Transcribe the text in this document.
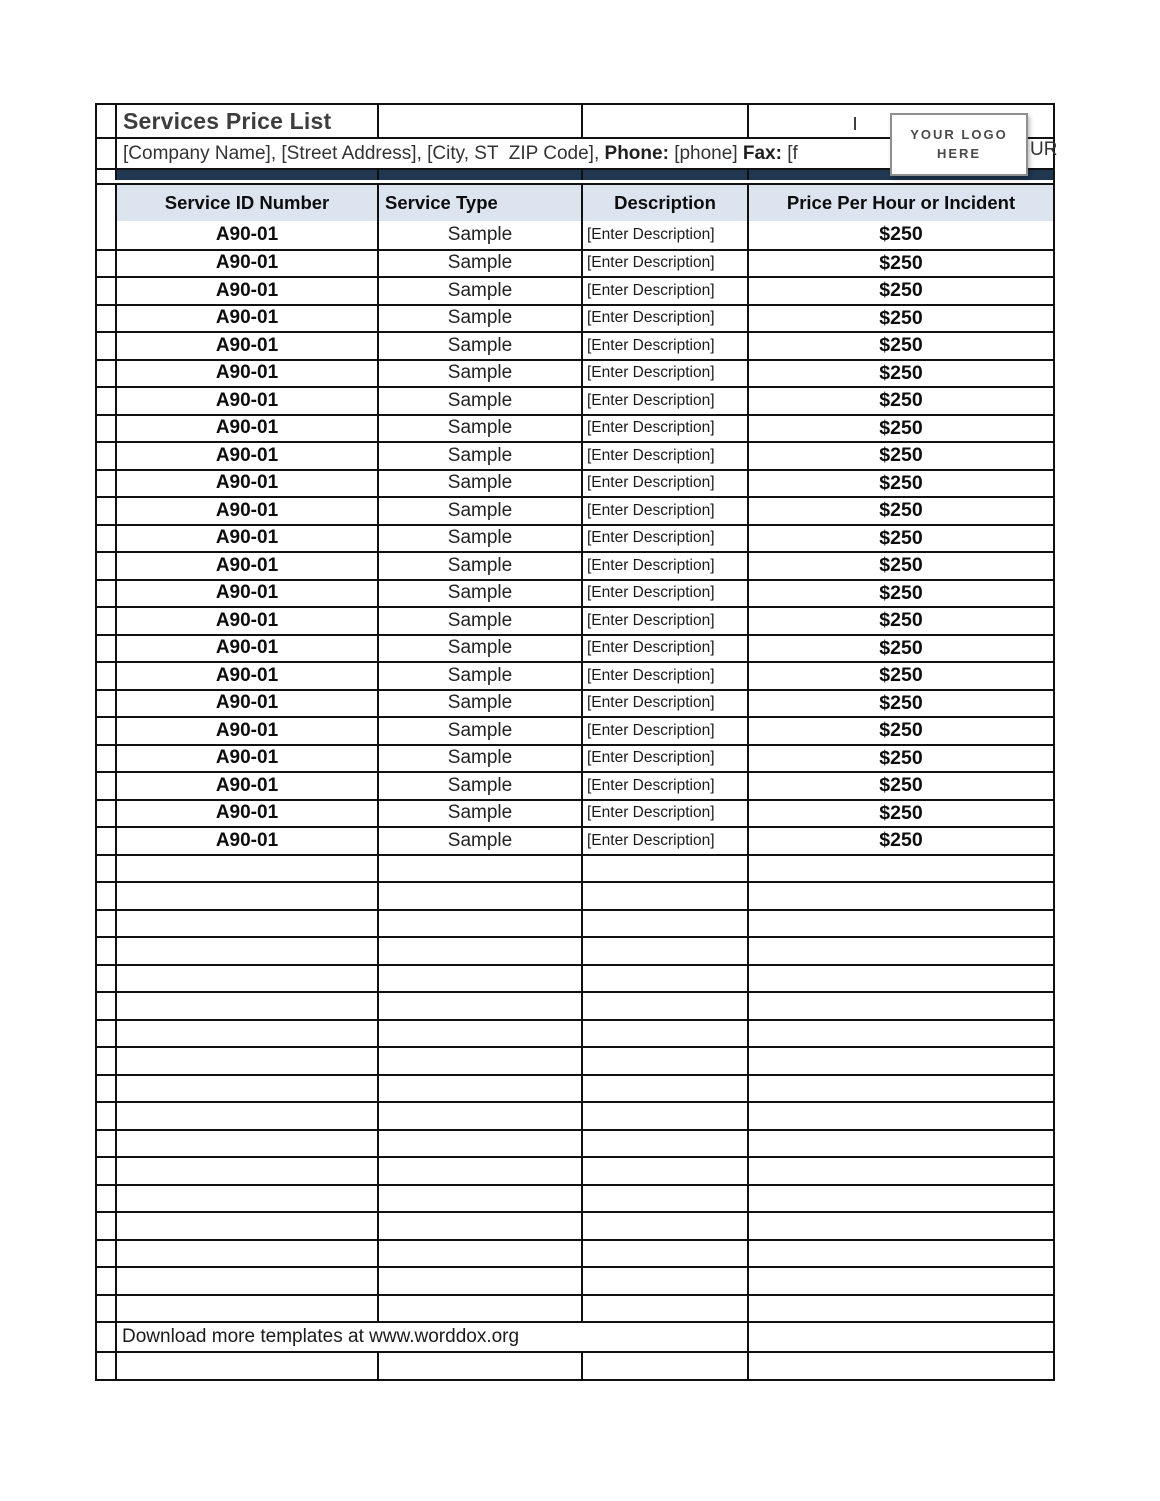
Services Price List
[Company Name], [Street Address], [City, ST  ZIP Code], Phone: [phone] Fax: [f
Service ID Number	Service Type	Description	Price Per Hour or Incident
A90-01	Sample	[Enter Description]	$250
A90-01	Sample	[Enter Description]	$250
A90-01	Sample	[Enter Description]	$250
A90-01	Sample	[Enter Description]	$250
A90-01	Sample	[Enter Description]	$250
A90-01	Sample	[Enter Description]	$250
A90-01	Sample	[Enter Description]	$250
A90-01	Sample	[Enter Description]	$250
A90-01	Sample	[Enter Description]	$250
A90-01	Sample	[Enter Description]	$250
A90-01	Sample	[Enter Description]	$250
A90-01	Sample	[Enter Description]	$250
A90-01	Sample	[Enter Description]	$250
A90-01	Sample	[Enter Description]	$250
A90-01	Sample	[Enter Description]	$250
A90-01	Sample	[Enter Description]	$250
A90-01	Sample	[Enter Description]	$250
A90-01	Sample	[Enter Description]	$250
A90-01	Sample	[Enter Description]	$250
A90-01	Sample	[Enter Description]	$250
A90-01	Sample	[Enter Description]	$250
A90-01	Sample	[Enter Description]	$250
A90-01	Sample	[Enter Description]	$250
Download more templates at www.worddox.org
UR
YOUR LOGO
HERE
